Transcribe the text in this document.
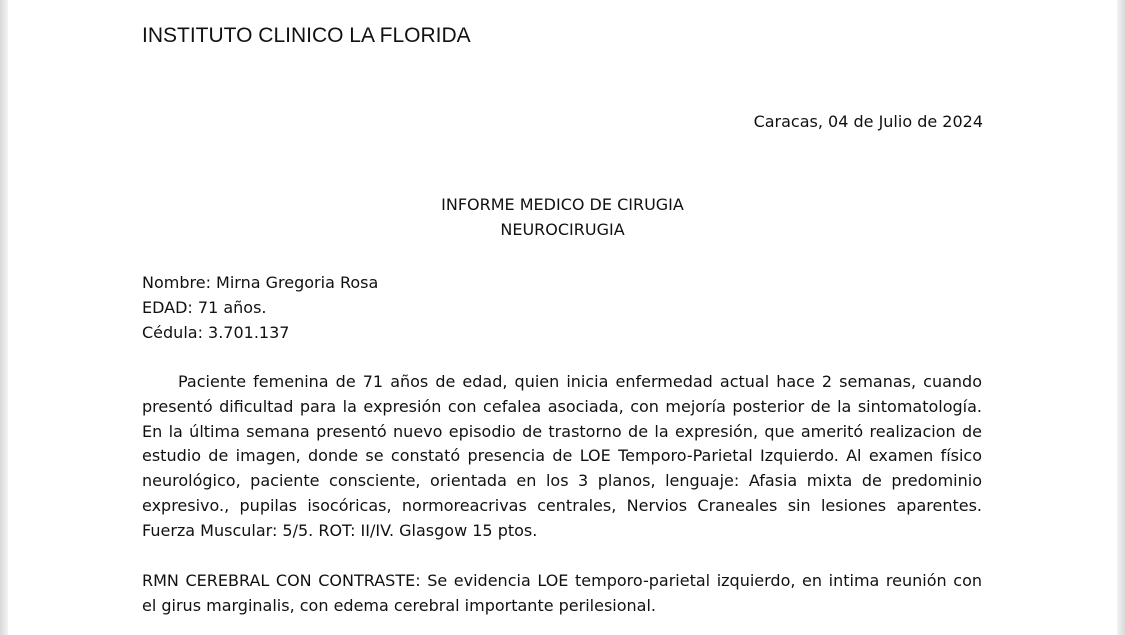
INSTITUTO CLINICO LA FLORIDA
Caracas, 04 de Julio de 2024
INFORME MEDICO DE CIRUGIA
NEUROCIRUGIA
Nombre: Mirna Gregoria Rosa
EDAD: 71 años.
Cédula: 3.701.137

Paciente femenina de 71 años de edad, quien inicia enfermedad actual hace 2 semanas, cuando presentó dificultad para la expresión con cefalea asociada, con mejoría posterior de la sintomatología. En la última semana presentó nuevo episodio de trastorno de la expresión, que ameritó realizacion de estudio de imagen, donde se constató presencia de LOE Temporo-Parietal Izquierdo. Al examen físico neurológico, paciente consciente, orientada en los 3 planos, lenguaje: Afasia mixta de predominio expresivo., pupilas isocóricas, normoreacrivas centrales, Nervios Craneales sin lesiones aparentes. Fuerza Muscular: 5/5. ROT: II/IV. Glasgow 15 ptos.

RMN CEREBRAL CON CONTRASTE: Se evidencia LOE temporo-parietal izquierdo, en intima reunión con el girus marginalis, con edema cerebral importante perilesional.
